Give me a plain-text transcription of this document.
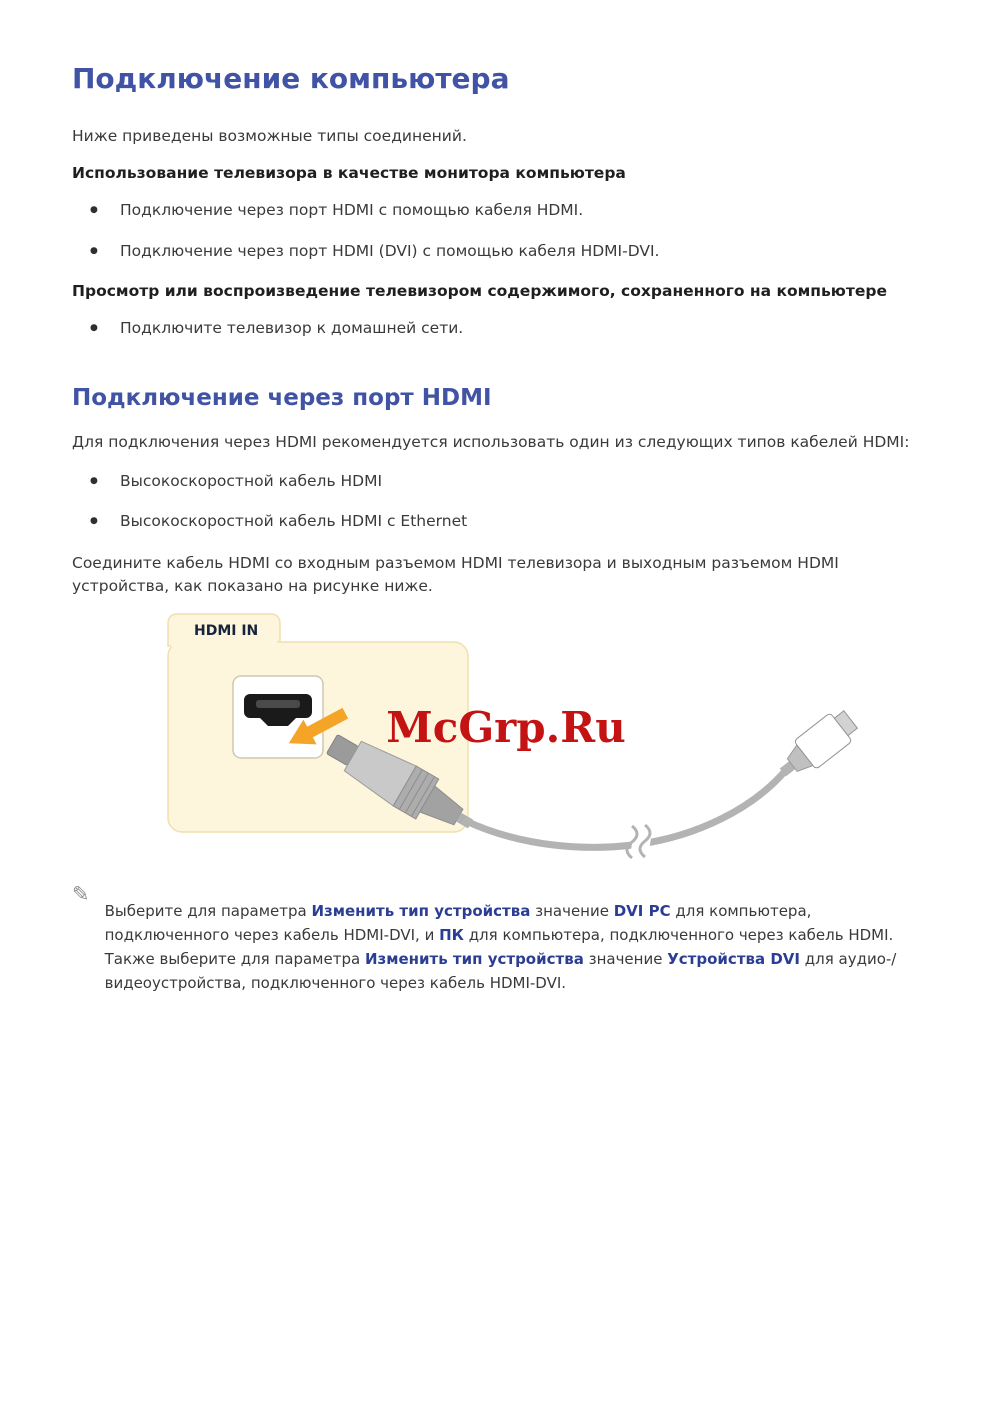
Подключение компьютера

Ниже приведены возможные типы соединений.

Использование телевизора в качестве монитора компьютера
● Подключение через порт HDMI с помощью кабеля HDMI.
● Подключение через порт HDMI (DVI) с помощью кабеля HDMI-DVI.
Просмотр или воспроизведение телевизором содержимого, сохраненного на компьютере
● Подключите телевизор к домашней сети.
Подключение через порт HDMI

Для подключения через HDMI рекомендуется использовать один из следующих типов кабелей HDMI:

● Высокоскоростной кабель HDMI
● Высокоскоростной кабель HDMI с Ethernet

Соедините кабель HDMI со входным разъемом HDMI телевизора и выходным разъемом HDMI устройства, как показано на рисунке ниже.

HDMI IN
McGrp.Ru
✎

Выберите для параметра Изменить тип устройства значение DVI PC для компьютера, подключенного через кабель HDMI-DVI, и ПК для компьютера, подключенного через кабель HDMI. Также выберите для параметра Изменить тип устройства значение Устройства DVI для аудио-/видеоустройства, подключенного через кабель HDMI-DVI.
